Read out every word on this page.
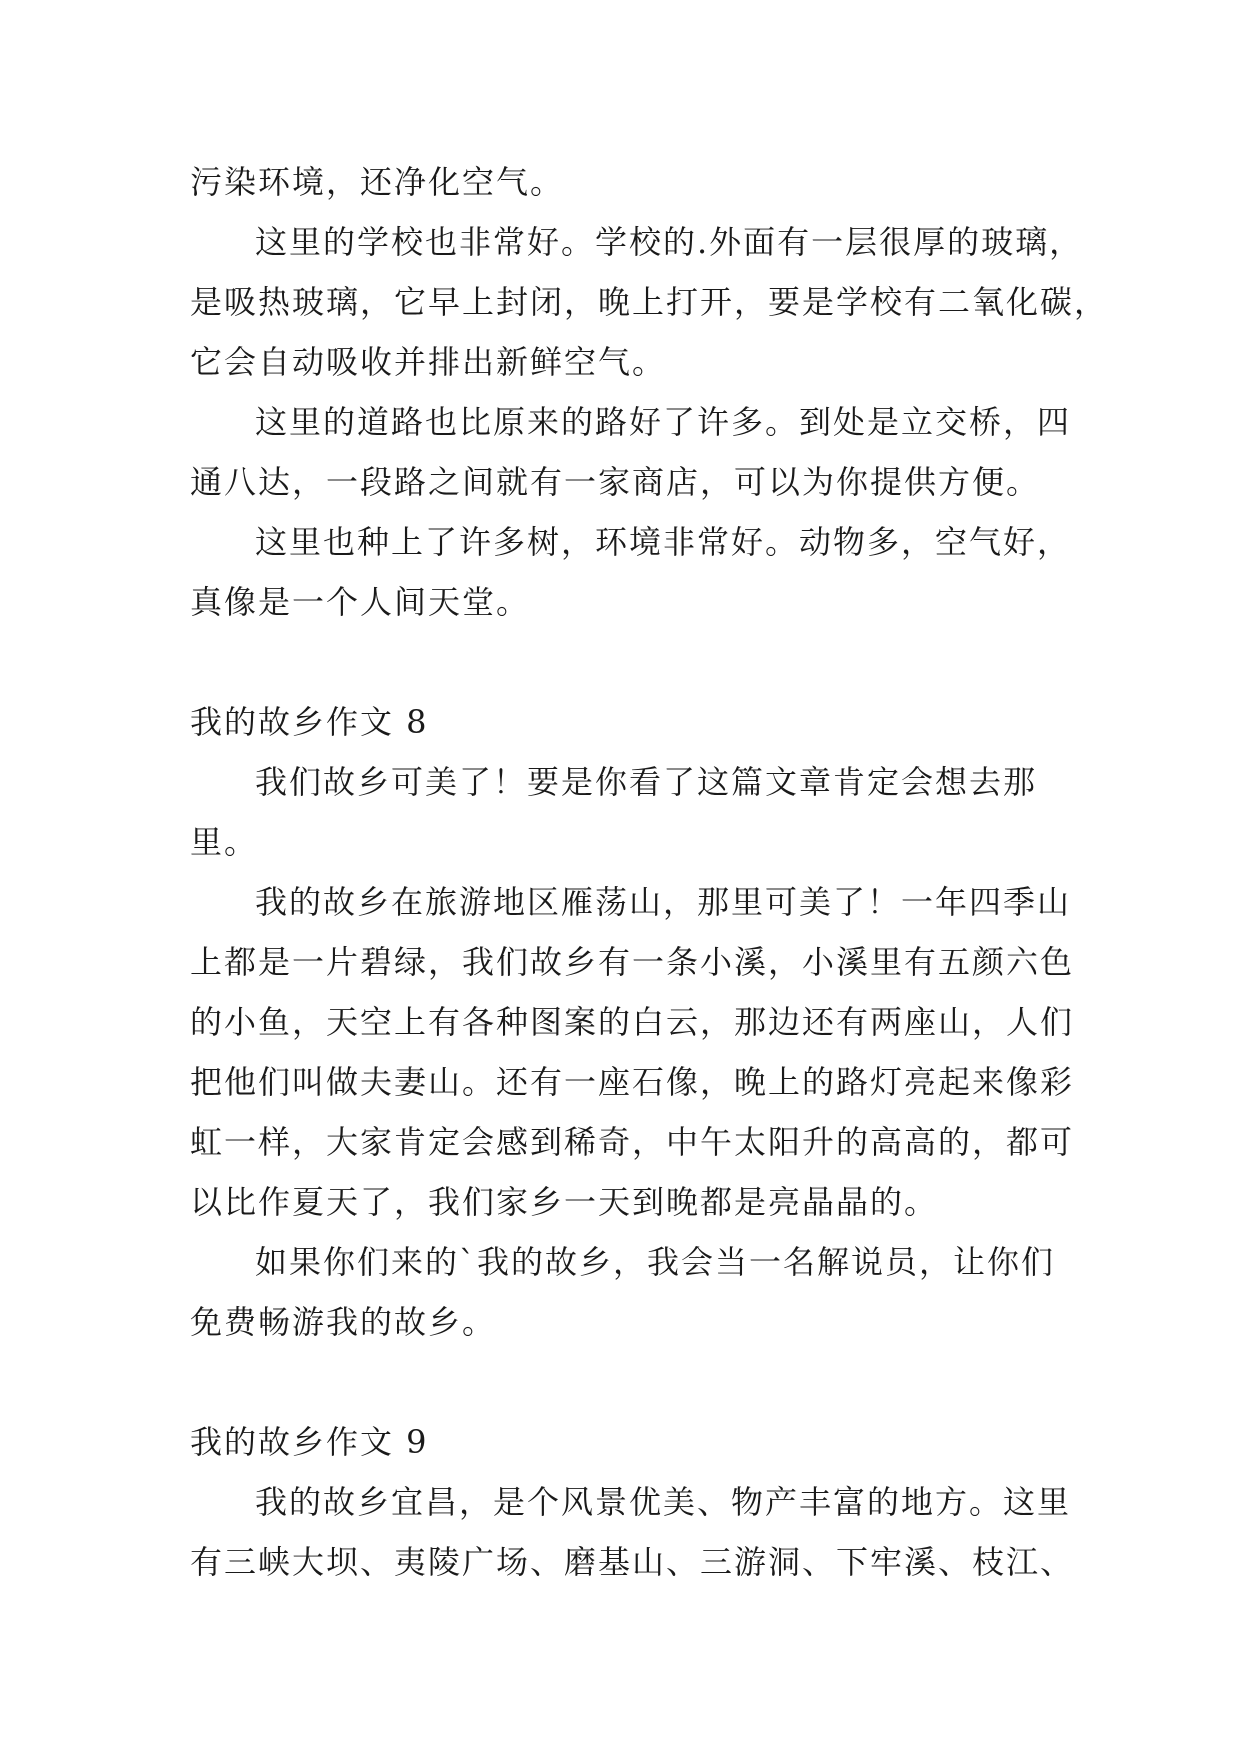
污染环境，还净化空气。
这里的学校也非常好。学校的.外面有一层很厚的玻璃，
是吸热玻璃，它早上封闭，晚上打开，要是学校有二氧化碳，
它会自动吸收并排出新鲜空气。
这里的道路也比原来的路好了许多。到处是立交桥，四
通八达，一段路之间就有一家商店，可以为你提供方便。
这里也种上了许多树，环境非常好。动物多，空气好，
真像是一个人间天堂。
我的故乡作文 8
我们故乡可美了！要是你看了这篇文章肯定会想去那
里。
我的故乡在旅游地区雁荡山，那里可美了！一年四季山
上都是一片碧绿，我们故乡有一条小溪，小溪里有五颜六色
的小鱼，天空上有各种图案的白云，那边还有两座山，人们
把他们叫做夫妻山。还有一座石像，晚上的路灯亮起来像彩
虹一样，大家肯定会感到稀奇，中午太阳升的高高的，都可
以比作夏天了，我们家乡一天到晚都是亮晶晶的。
如果你们来的`我的故乡，我会当一名解说员，让你们
免费畅游我的故乡。
我的故乡作文 9
我的故乡宜昌，是个风景优美、物产丰富的地方。这里
有三峡大坝、夷陵广场、磨基山、三游洞、下牢溪、枝江、
